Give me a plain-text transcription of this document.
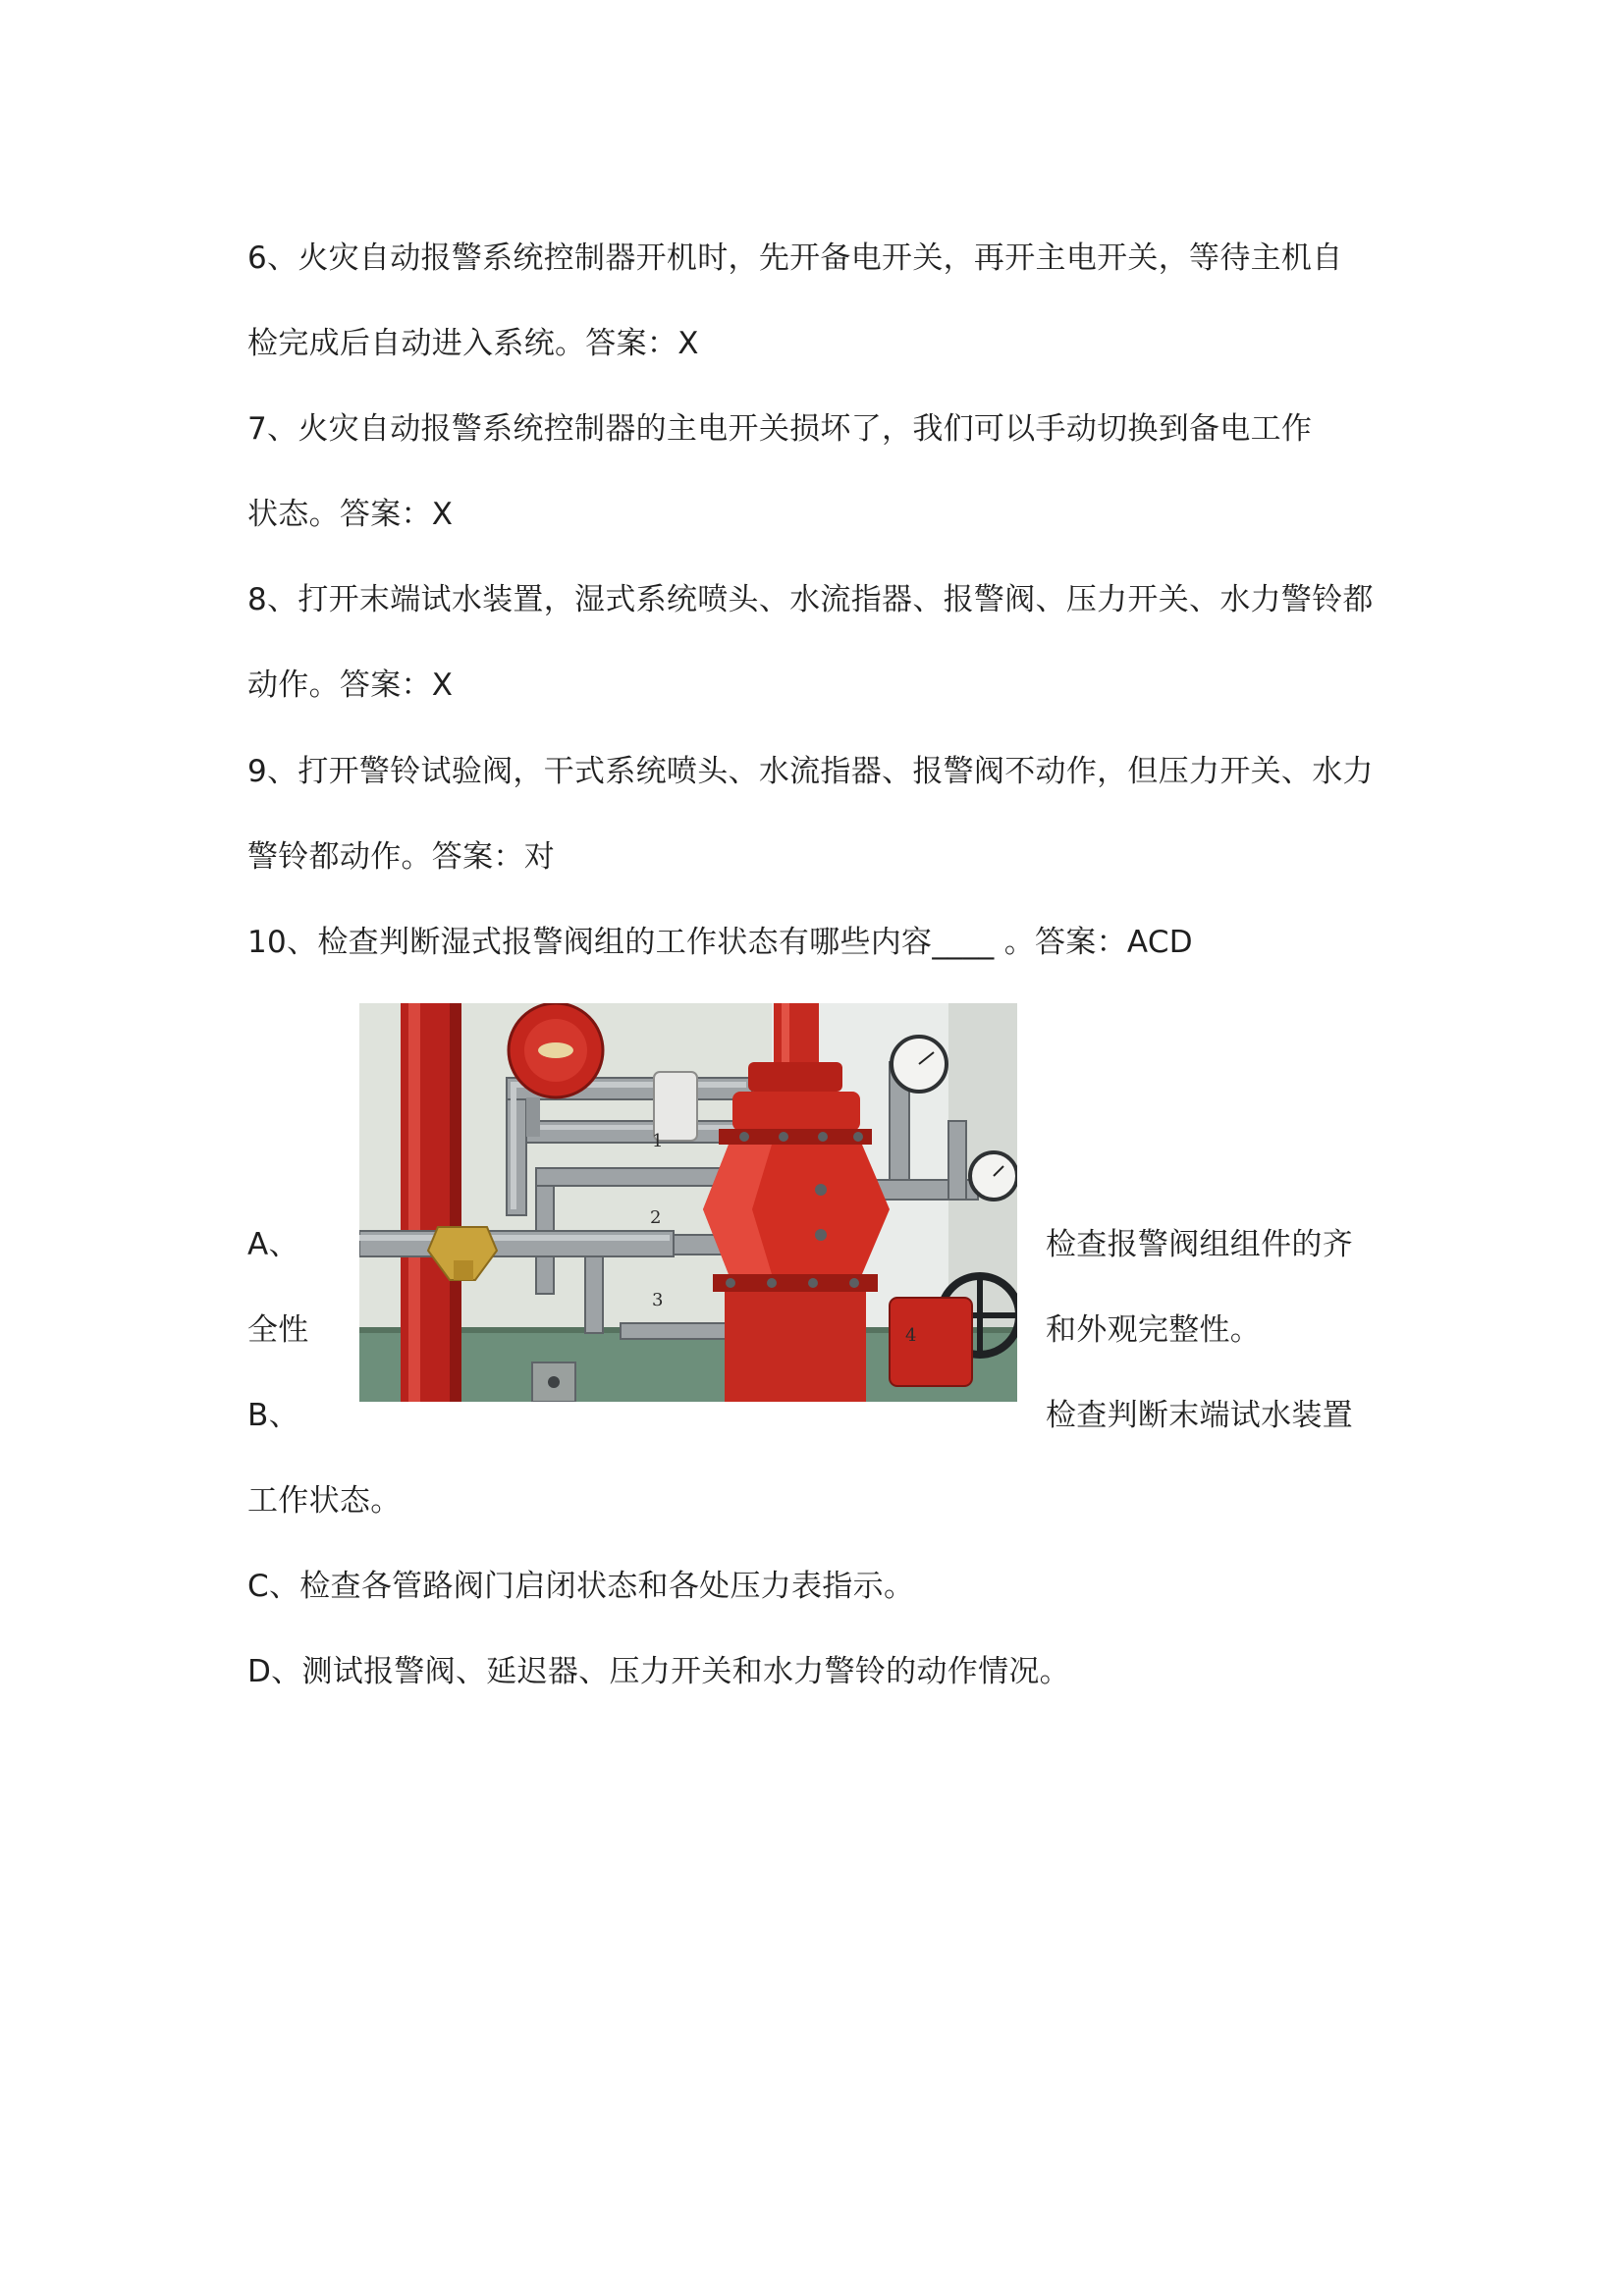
6、火灾自动报警系统控制器开机时，先开备电开关，再开主电开关，等待主机自

检完成后自动进入系统。答案：X

7、火灾自动报警系统控制器的主电开关损坏了，我们可以手动切换到备电工作

状态。答案：X

8、打开末端试水装置，湿式系统喷头、水流指器、报警阀、压力开关、水力警铃都

动作。答案：X

9、打开警铃试验阀，干式系统喷头、水流指器、报警阀不动作，但压力开关、水力

警铃都动作。答案：对

10、检查判断湿式报警阀组的工作状态有哪些内容____ 。答案：ACD

1
2
3
4

A、	检查报警阀组组件的齐

全性	和外观完整性。

B、	检查判断末端试水装置

工作状态。

C、检查各管路阀门启闭状态和各处压力表指示。

D、测试报警阀、延迟器、压力开关和水力警铃的动作情况。
